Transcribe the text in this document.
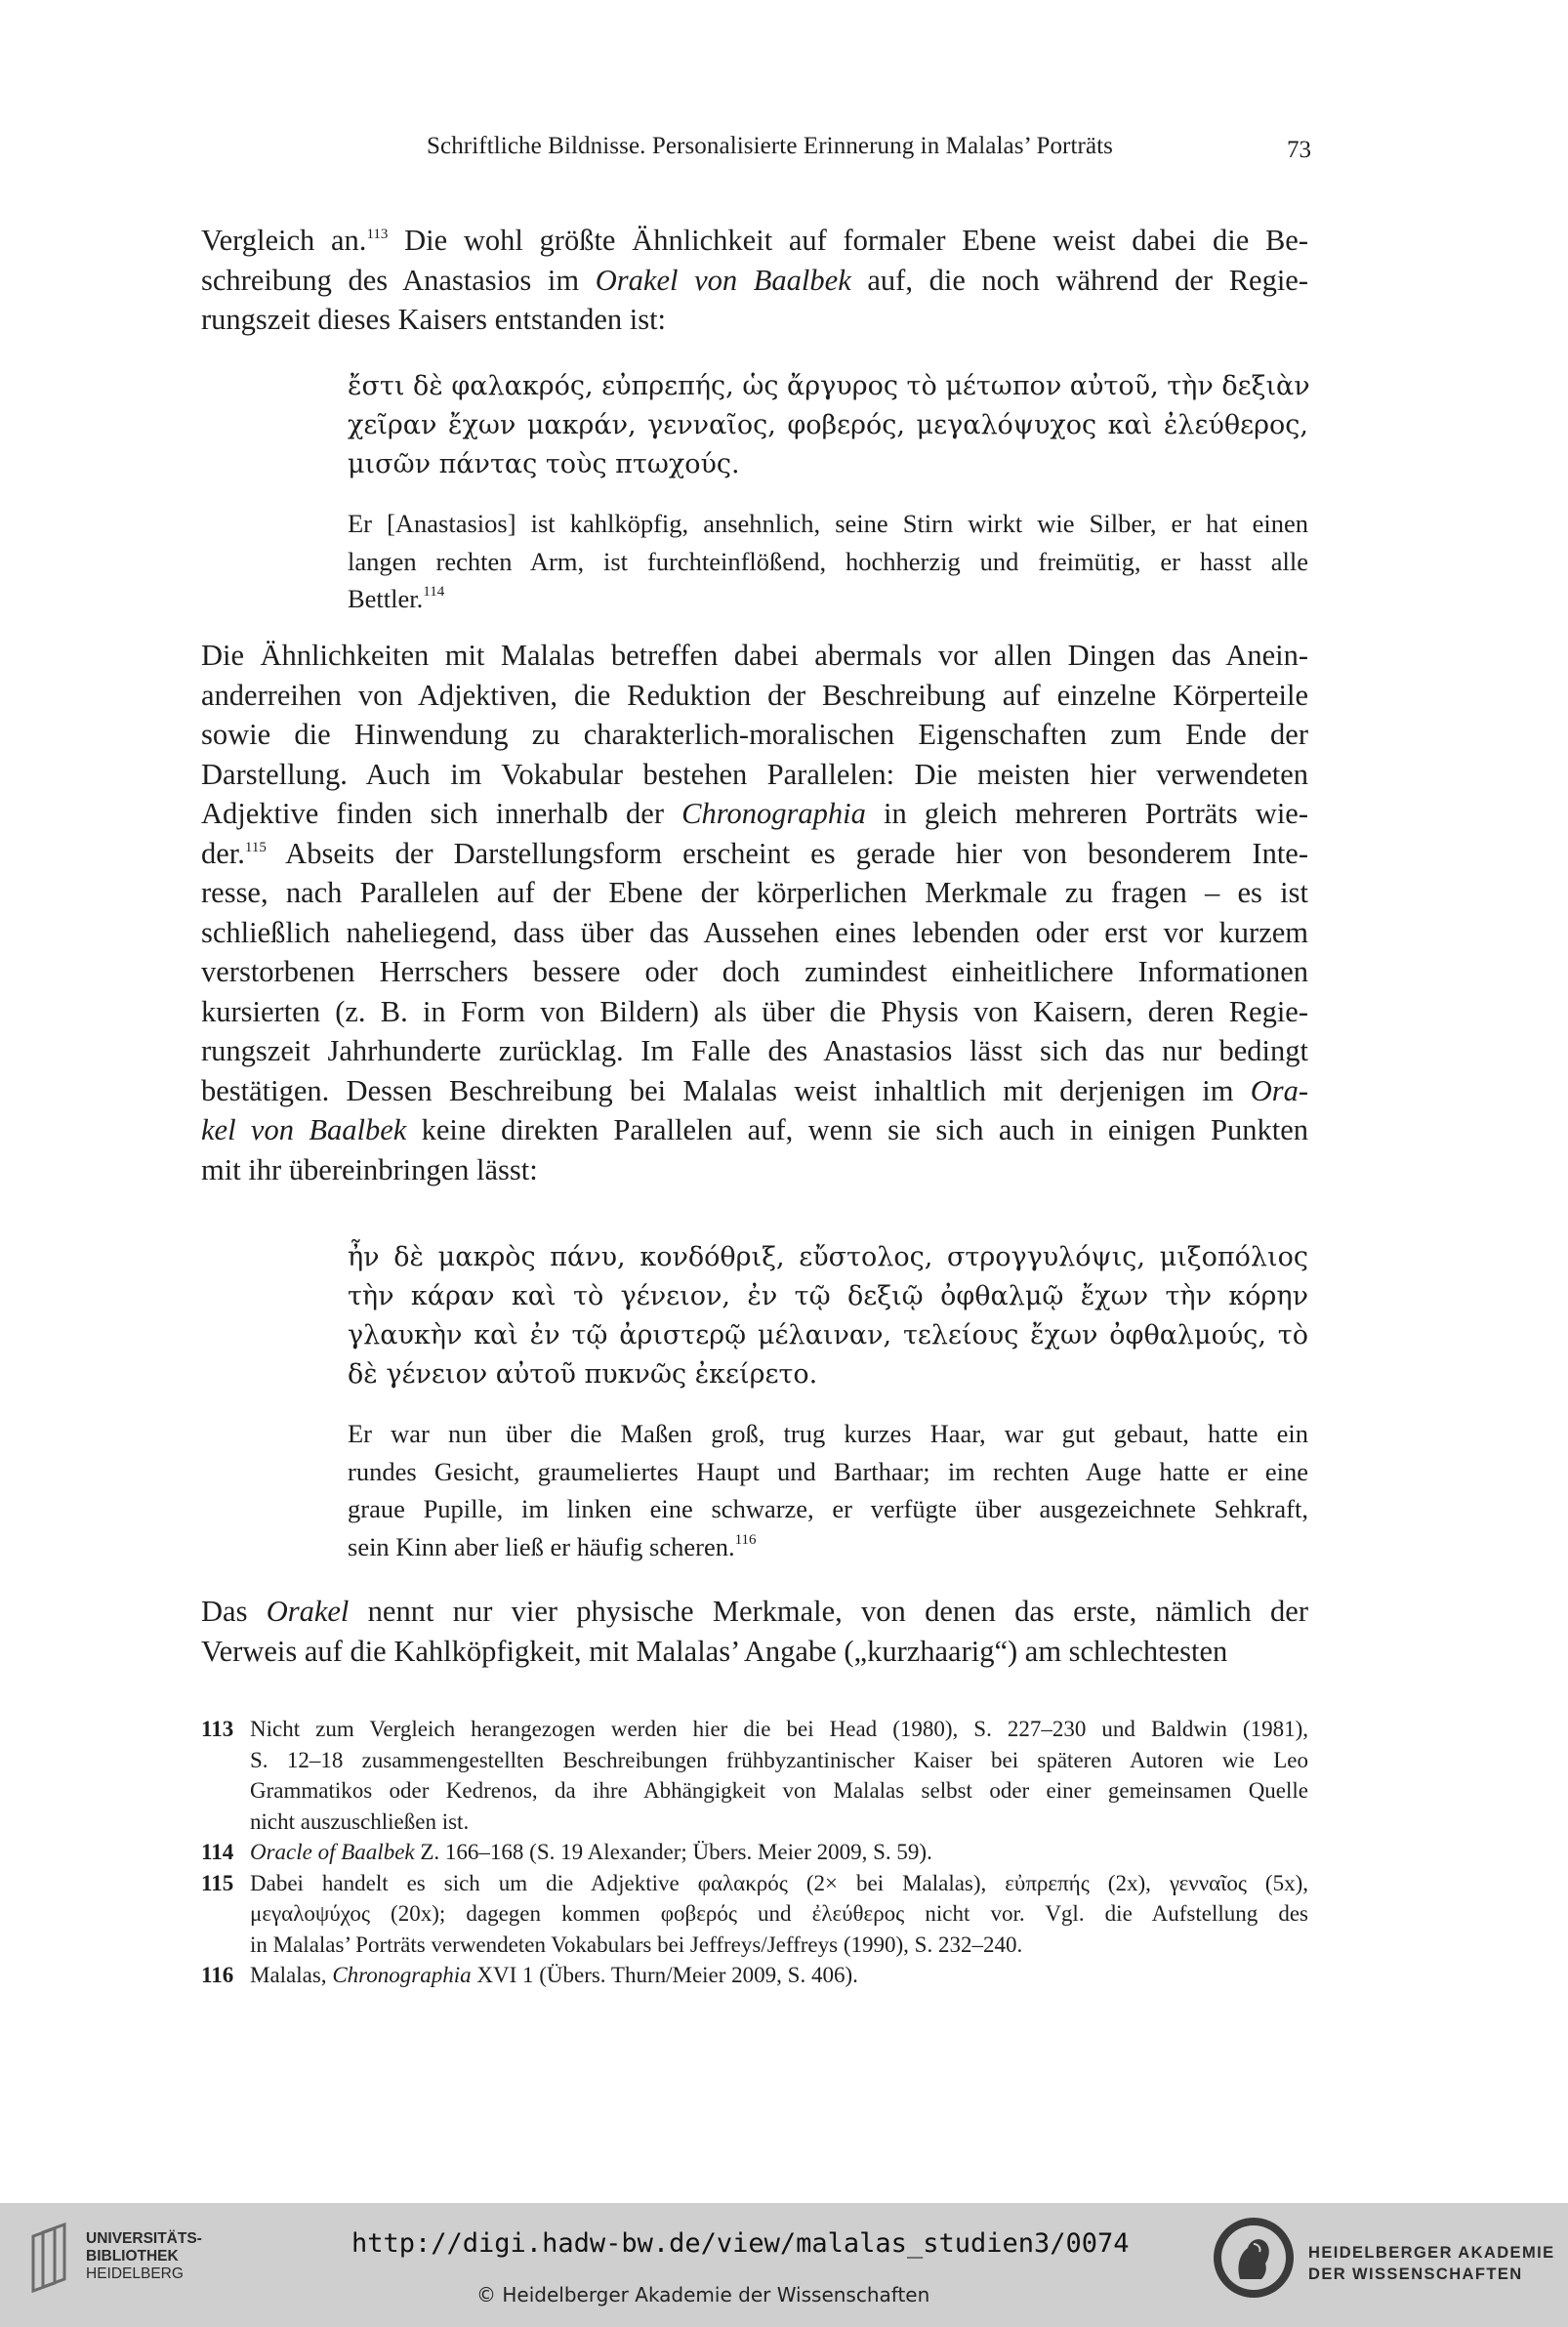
Schriftliche Bildnisse. Personalisierte Erinnerung in Malalas’ Porträts	73

Vergleich an.$^{113}$ Die wohl größte Ähnlichkeit auf formaler Ebene weist dabei die Be-
schreibung des Anastasios im Orakel von Baalbek auf, die noch während der Regie-
rungszeit dieses Kaisers entstanden ist:

ἔστι δὲ φαλακρός, εὐπρεπής, ὡς ἄργυρος τὸ μέτωπον αὐτοῦ, τὴν δεξιὰν
χεῖραν ἔχων μακράν, γενναῖος, φοβερός, μεγαλόψυχος καὶ ἐλεύθερος,
μισῶν πάντας τοὺς πτωχούς.
Er [Anastasios] ist kahlköpfig, ansehnlich, seine Stirn wirkt wie Silber, er hat einen
langen rechten Arm, ist furchteinflößend, hochherzig und freimütig, er hasst alle
Bettler.$^{114}$

Die Ähnlichkeiten mit Malalas betreffen dabei abermals vor allen Dingen das Anein-
anderreihen von Adjektiven, die Reduktion der Beschreibung auf einzelne Körperteile
sowie die Hinwendung zu charakterlich-moralischen Eigenschaften zum Ende der
Darstellung. Auch im Vokabular bestehen Parallelen: Die meisten hier verwendeten
Adjektive finden sich innerhalb der Chronographia in gleich mehreren Porträts wie-
der.$^{115}$ Abseits der Darstellungsform erscheint es gerade hier von besonderem Inte-
resse, nach Parallelen auf der Ebene der körperlichen Merkmale zu fragen – es ist
schließlich naheliegend, dass über das Aussehen eines lebenden oder erst vor kurzem
verstorbenen Herrschers bessere oder doch zumindest einheitlichere Informationen
kursierten (z. B. in Form von Bildern) als über die Physis von Kaisern, deren Regie-
rungszeit Jahrhunderte zurücklag. Im Falle des Anastasios lässt sich das nur bedingt
bestätigen. Dessen Beschreibung bei Malalas weist inhaltlich mit derjenigen im Ora-
kel von Baalbek keine direkten Parallelen auf, wenn sie sich auch in einigen Punkten
mit ihr übereinbringen lässt:

ἦν δὲ μακρὸς πάνυ, κονδόθριξ, εὔστολος, στρογγυλόψις, μιξοπόλιος
τὴν κάραν καὶ τὸ γένειον, ἐν τῷ δεξιῷ ὀφθαλμῷ ἔχων τὴν κόρην
γλαυκὴν καὶ ἐν τῷ ἀριστερῷ μέλαιναν, τελείους ἔχων ὀφθαλμούς, τὸ
δὲ γένειον αὐτοῦ πυκνῶς ἐκείρετο.
Er war nun über die Maßen groß, trug kurzes Haar, war gut gebaut, hatte ein
rundes Gesicht, graumeliertes Haupt und Barthaar; im rechten Auge hatte er eine
graue Pupille, im linken eine schwarze, er verfügte über ausgezeichnete Sehkraft,
sein Kinn aber ließ er häufig scheren.$^{116}$

Das Orakel nennt nur vier physische Merkmale, von denen das erste, nämlich der
Verweis auf die Kahlköpfigkeit, mit Malalas’ Angabe („kurzhaarig“) am schlechtesten

113 Nicht zum Vergleich herangezogen werden hier die bei Head (1980), S. 227–230 und Baldwin (1981),
S. 12–18 zusammengestellten Beschreibungen frühbyzantinischer Kaiser bei späteren Autoren wie Leo
Grammatikos oder Kedrenos, da ihre Abhängigkeit von Malalas selbst oder einer gemeinsamen Quelle
nicht auszuschließen ist.
114 Oracle of Baalbek Z. 166–168 (S. 19 Alexander; Übers. Meier 2009, S. 59).
115 Dabei handelt es sich um die Adjektive φαλακρός (2× bei Malalas), εὐπρεπής (2x), γενναῖος (5x),
μεγαλοψύχος (20x); dagegen kommen φοβερός und ἐλεύθερος nicht vor. Vgl. die Aufstellung des
in Malalas’ Porträts verwendeten Vokabulars bei Jeffreys/Jeffreys (1990), S. 232–240.
116 Malalas, Chronographia XVI 1 (Übers. Thurn/Meier 2009, S. 406).
UNIVERSITÄTS-
BIBLIOTHEK
HEIDELBERG
http://digi.hadw-bw.de/view/malalas_studien3/0074
© Heidelberger Akademie der Wissenschaften
HEIDELBERGER AKADEMIE
DER WISSENSCHAFTEN
